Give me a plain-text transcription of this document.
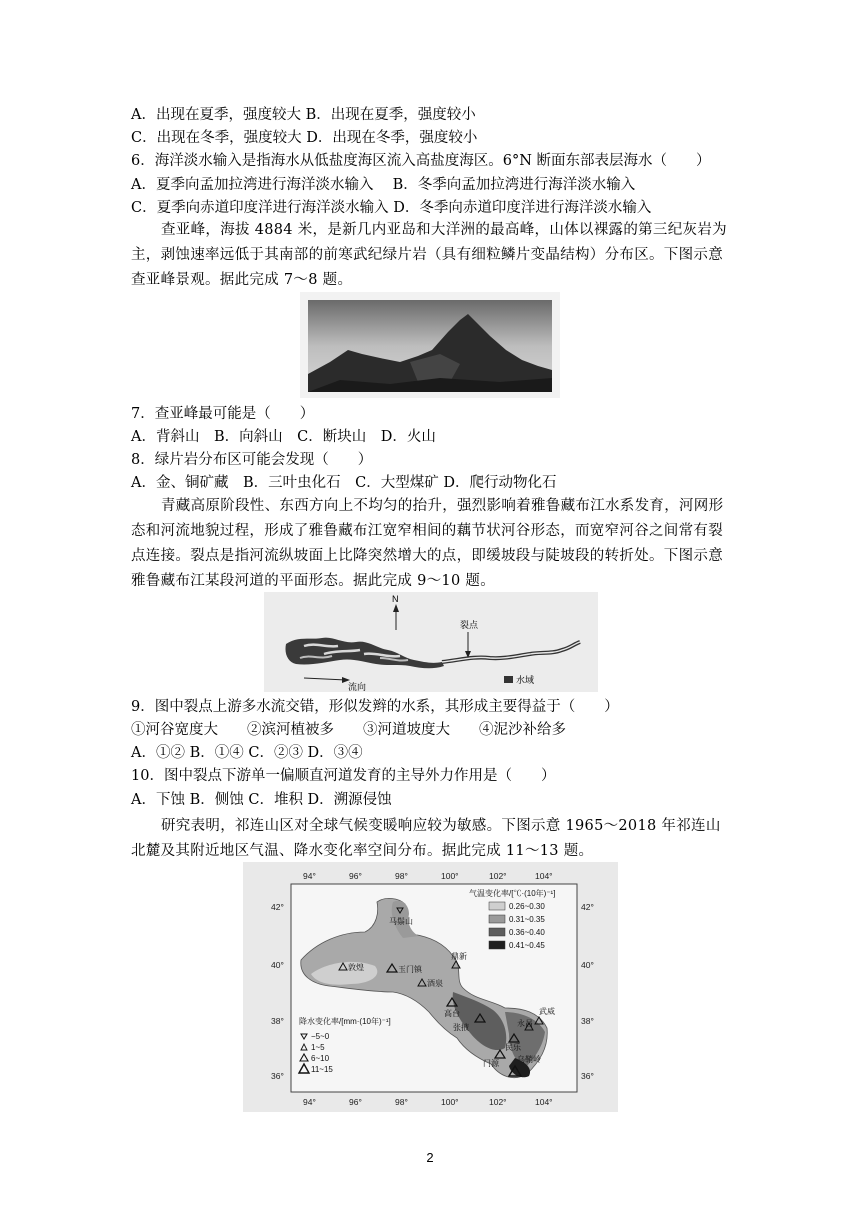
A．出现在夏季，强度较大 B．出现在夏季，强度较小
C．出现在冬季，强度较大 D．出现在冬季，强度较小
6．海洋淡水输入是指海水从低盐度海区流入高盐度海区。6°N 断面东部表层海水（　　）
A．夏季向孟加拉湾进行海洋淡水输入　 B．冬季向孟加拉湾进行海洋淡水输入
C．夏季向赤道印度洋进行海洋淡水输入 D．冬季向赤道印度洋进行海洋淡水输入
查亚峰，海拔 4884 米，是新几内亚岛和大洋洲的最高峰，山体以裸露的第三纪灰岩为主，剥蚀速率远低于其南部的前寒武纪绿片岩（具有细粒鳞片变晶结构）分布区。下图示意查亚峰景观。据此完成 7～8 题。
7．查亚峰最可能是（　　）
A．背斜山　B．向斜山　C．断块山　D．火山
8．绿片岩分布区可能会发现（　　）
A．金、铜矿藏　B．三叶虫化石　C．大型煤矿 D．爬行动物化石
青藏高原阶段性、东西方向上不均匀的抬升，强烈影响着雅鲁藏布江水系发育，河网形态和河流地貌过程，形成了雅鲁藏布江宽窄相间的藕节状河谷形态，而宽窄河谷之间常有裂点连接。裂点是指河流纵坡面上比降突然增大的点，即缓坡段与陡坡段的转折处。下图示意雅鲁藏布江某段河道的平面形态。据此完成 9～10 题。
N
裂点
流向
水域
9．图中裂点上游多水流交错，形似发辫的水系，其形成主要得益于（　　）
①河谷宽度大　　②滨河植被多　　③河道坡度大　　④泥沙补给多
A．①② B．①④ C．②③ D．③④
10．图中裂点下游单一偏顺直河道发育的主导外力作用是（　　）
A．下蚀 B．侧蚀 C．堆积 D．溯源侵蚀
研究表明，祁连山区对全球气候变暖响应较为敏感。下图示意 1965～2018 年祁连山北麓及其附近地区气温、降水变化率空间分布。据此完成 11～13 题。
94°	96°	98°	100°	102°	104°
94°	96°	98°	100°	102°	104°
42°
40°
38°
36°
42°
40°
38°
36°
马鬃山
敦煌	玉门镇
鼎新
酒泉
高台
张掖
民乐
永昌
门源
武威
乌鞘岭
气温变化率/[℃·(10年)⁻¹]
0.26~0.30
0.31~0.35
0.36~0.40
0.41~0.45
降水变化率/[mm·(10年)⁻¹]
−5~0
1~5
6~10
11~15
2
